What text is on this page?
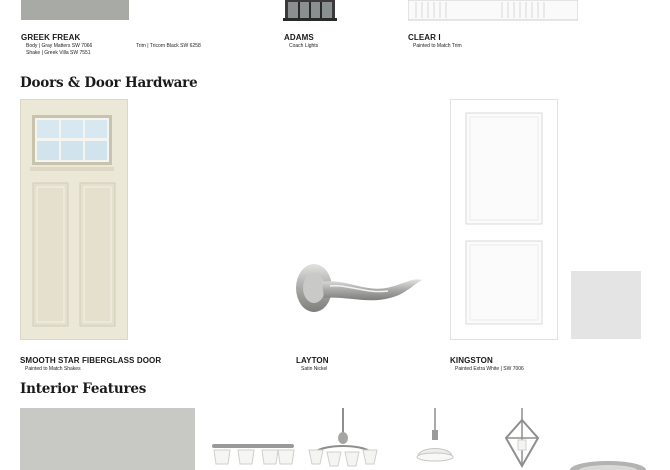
GREEK FREAK
Body | Gray Matters SW 7066
Shake | Greek Villa SW 7551
Trim | Tricorn Black SW 6258
ADAMS
Coach Lights
CLEAR I
Painted to Match Trim
Doors & Door Hardware
SMOOTH STAR FIBERGLASS DOOR
Painted to Match Shakes
LAYTON
Satin Nickel
KINGSTON
Painted Extra White | SW 7006
Interior Features
